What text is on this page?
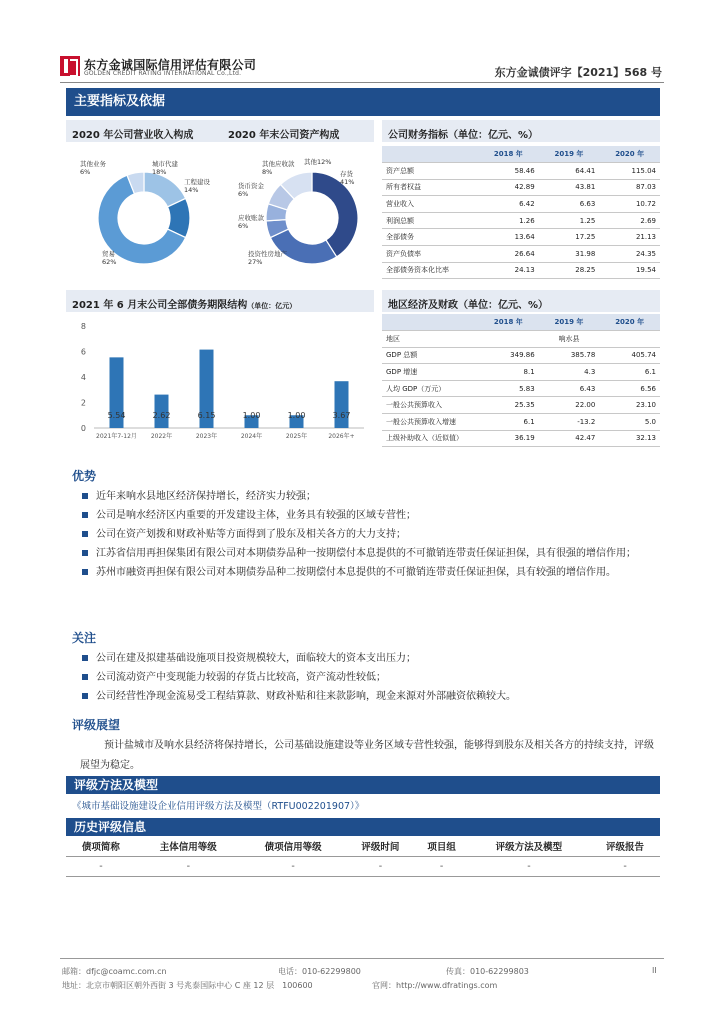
东方金诚国际信用评估有限公司
GOLDEN CREDIT RATING INTERNATIONAL Co.,Ltd.	东方金诚债评字【2021】568 号
主要指标及依据
2020 年公司营业收入构成	2020 年末公司资产构成
其他业务
6%
城市代建
18%
工程建设
14%
贸易
62%
其他应收款
8%
其他12%
存货
41%
货币资金
6%
应收账款
6%
投资性房地产
27%
公司财务指标（单位：亿元、%）
	2018 年	2019 年	2020 年
资产总额	58.46	64.41	115.04
所有者权益	42.89	43.81	87.03
营业收入	6.42	6.63	10.72
利润总额	1.26	1.25	2.69
全部债务	13.64	17.25	21.13
资产负债率	26.64	31.98	24.35
全部债务资本化比率	24.13	28.25	19.54
2021 年 6 月末公司全部债务期限结构（单位：亿元）
0
2
4
6
8
5.54
2021年7-12月
2.62
2022年
6.15
2023年
1.00
2024年
1.00
2025年
3.67
2026年+
地区经济及财政（单位：亿元、%）
	2018 年	2019 年	2020 年
地区	响水县		
GDP 总额	349.86	385.78	405.74
GDP 增速	8.1	4.3	6.1
人均 GDP（万元）	5.83	6.43	6.56
一般公共预算收入	25.35	22.00	23.10
一般公共预算收入增速	6.1	-13.2	5.0
上级补助收入（近似值）	36.19	42.47	32.13
优势
近年来响水县地区经济保持增长，经济实力较强；
公司是响水经济区内重要的开发建设主体，业务具有较强的区域专营性；
公司在资产划拨和财政补贴等方面得到了股东及相关各方的大力支持；
江苏省信用再担保集团有限公司对本期债券品种一按期偿付本息提供的不可撤销连带责任保证担保，具有很强的增信作用；
苏州市融资再担保有限公司对本期债券品种二按期偿付本息提供的不可撤销连带责任保证担保，具有较强的增信作用。
关注
公司在建及拟建基础设施项目投资规模较大，面临较大的资本支出压力；
公司流动资产中变现能力较弱的存货占比较高，资产流动性较低；
公司经营性净现金流易受工程结算款、财政补贴和往来款影响，现金来源对外部融资依赖较大。
评级展望
预计盐城市及响水县经济将保持增长，公司基础设施建设等业务区域专营性较强，能够得到股东及相关各方的持续支持，评级展望为稳定。
评级方法及模型
《城市基础设施建设企业信用评级方法及模型（RTFU002201907）》
历史评级信息
债项简称	主体信用等级	债项信用等级	评级时间	项目组	评级方法及模型	评级报告
-	-	-	-	-	-	-
邮箱：dfjc@coamc.com.cn	电话：010-62299800	传真：010-62299803	II
地址：北京市朝阳区朝外西街 3 号兆泰国际中心 C 座 12 层　100600	官网：http://www.dfratings.com
